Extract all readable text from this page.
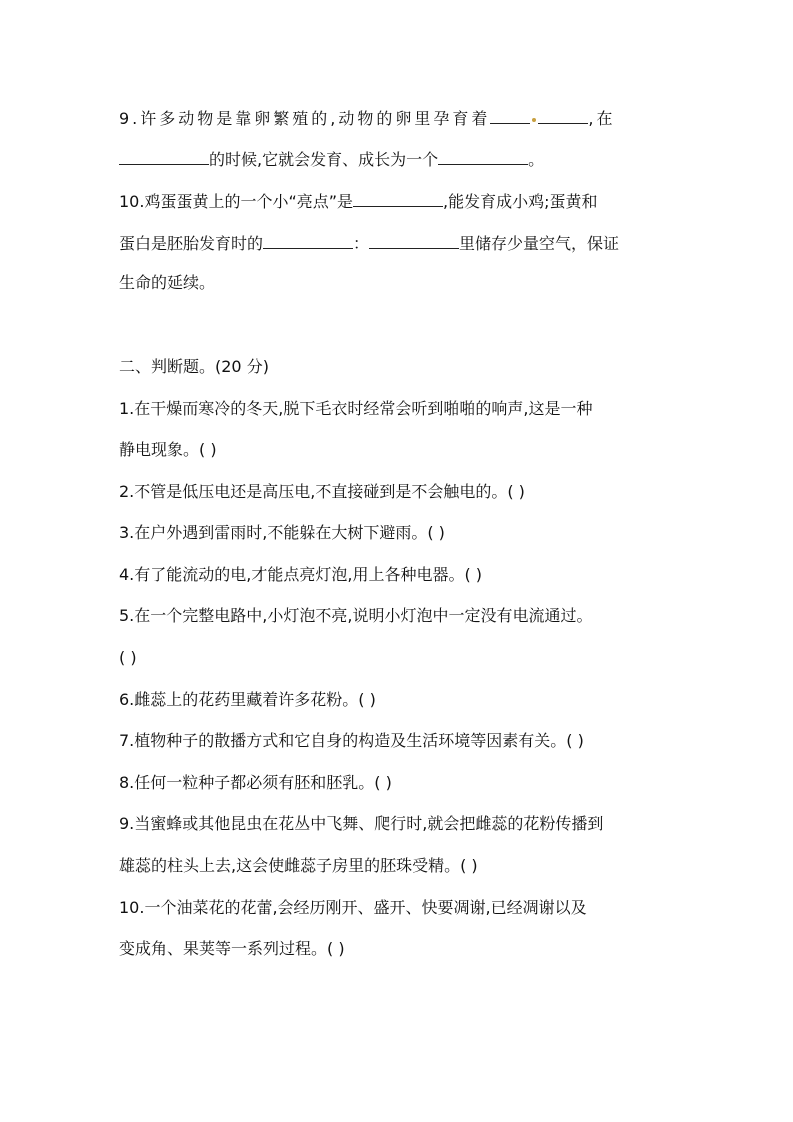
9.许多动物是靠卵繁殖的,动物的卵里孕育着	,在
的时候,它就会发育、成长为一个	。
10.鸡蛋蛋黄上的一个小“亮点”是	,能发育成小鸡;蛋黄和
蛋白是胚胎发育时的	：	里储存少量空气，保证
生命的延续。
二、判断题。(20 分)
1.在干燥而寒冷的冬天,脱下毛衣时经常会听到啪啪的响声,这是一种
静电现象。( )
2.不管是低压电还是高压电,不直接碰到是不会触电的。( )
3.在户外遇到雷雨时,不能躲在大树下避雨。( )
4.有了能流动的电,才能点亮灯泡,用上各种电器。( )
5.在一个完整电路中,小灯泡不亮,说明小灯泡中一定没有电流通过。
( )
6.雌蕊上的花药里藏着许多花粉。( )
7.植物种子的散播方式和它自身的构造及生活环境等因素有关。( )
8.任何一粒种子都必须有胚和胚乳。( )
9.当蜜蜂或其他昆虫在花丛中飞舞、爬行时,就会把雌蕊的花粉传播到
雄蕊的柱头上去,这会使雌蕊子房里的胚珠受精。( )
10.一个油菜花的花蕾,会经历刚开、盛开、快要凋谢,已经凋谢以及
变成角、果荚等一系列过程。( )
